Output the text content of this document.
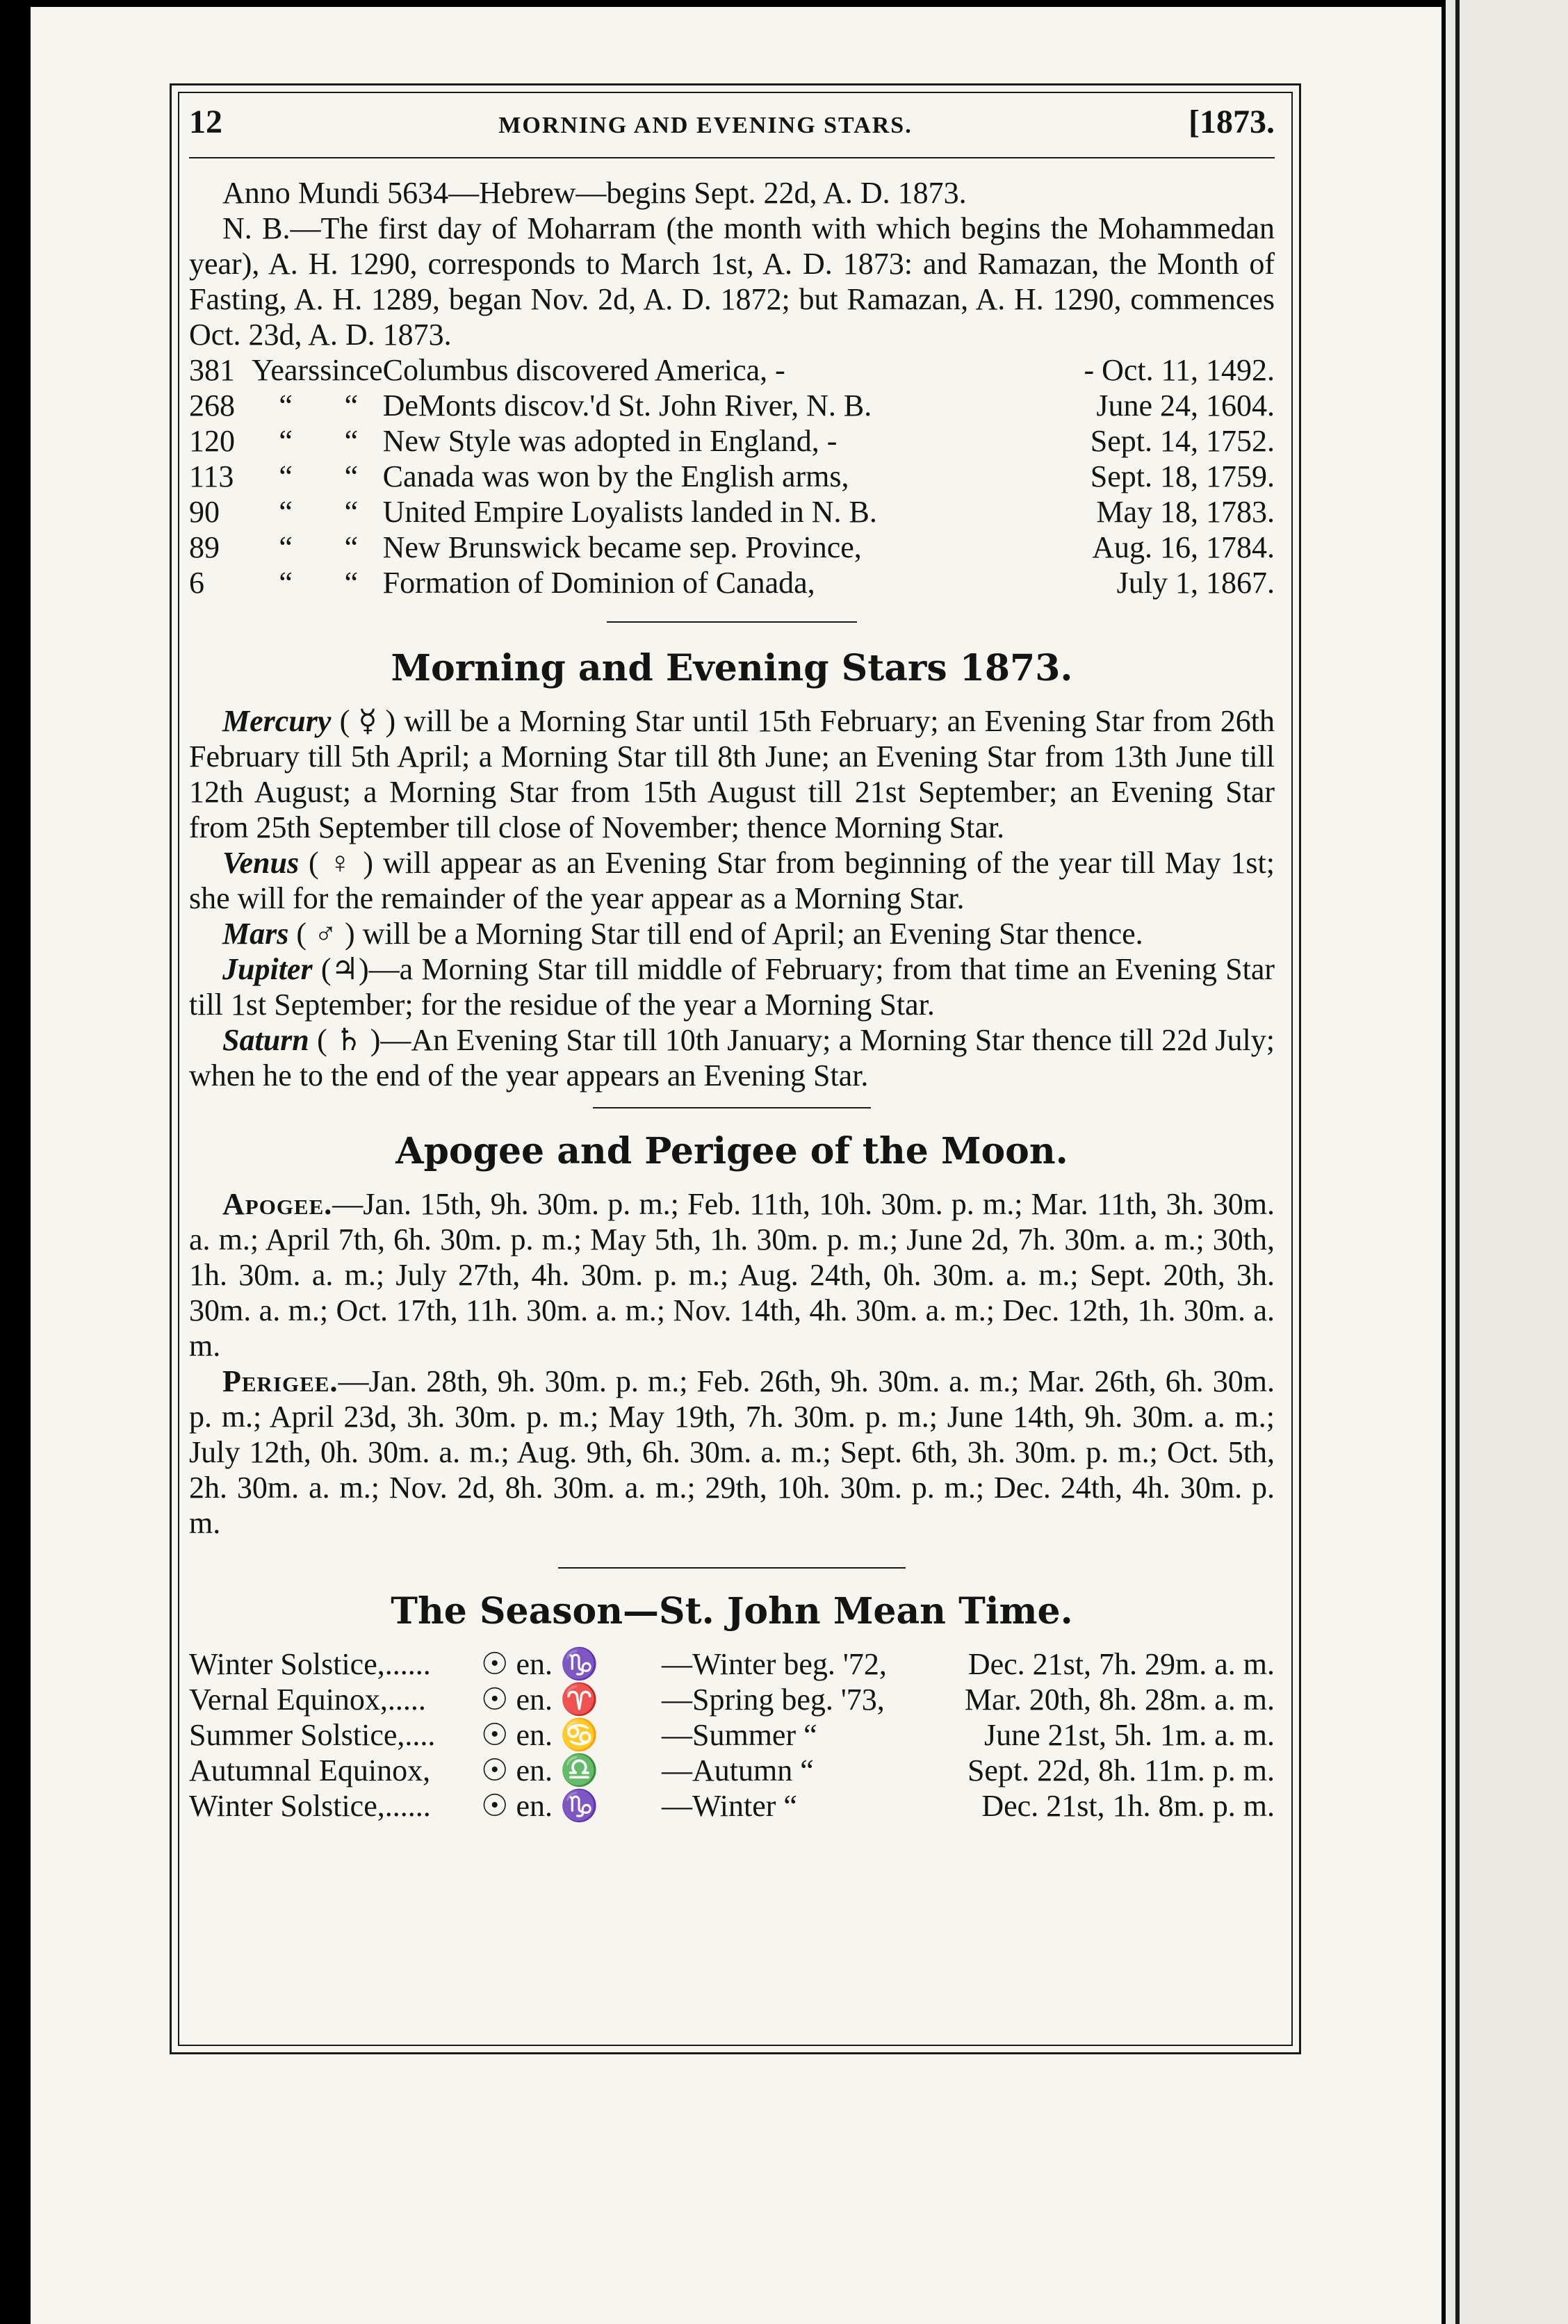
12	MORNING AND EVENING STARS.	[1873.

Anno Mundi 5634—Hebrew—begins Sept. 22d, A. D. 1873.

N. B.—The first day of Moharram (the month with which begins the Mohammedan year), A. H. 1290, corresponds to March 1st, A. D. 1873: and Ramazan, the Month of Fasting, A. H. 1289, began Nov. 2d, A. D. 1872; but Ramazan, A. H. 1290, commences Oct. 23d, A. D. 1873.

381	Years	since	Columbus discovered America, -	- Oct. 11, 1492.
268	“	“	DeMonts discov.'d St. John River, N. B.	June 24, 1604.
120	“	“	New Style was adopted in England, -	Sept. 14, 1752.
113	“	“	Canada was won by the English arms,	Sept. 18, 1759.
90	“	“	United Empire Loyalists landed in N. B.	May 18, 1783.
89	“	“	New Brunswick became sep. Province,	Aug. 16, 1784.
6	“	“	Formation of Dominion of Canada,	July 1, 1867.
Morning and Evening Stars 1873.

Mercury ( ☿ ) will be a Morning Star until 15th February; an Evening Star from 26th February till 5th April; a Morning Star till 8th June; an Evening Star from 13th June till 12th August; a Morning Star from 15th August till 21st September; an Evening Star from 25th September till close of November; thence Morning Star.

Venus ( ♀ ) will appear as an Evening Star from beginning of the year till May 1st; she will for the remainder of the year appear as a Morning Star.

Mars ( ♂ ) will be a Morning Star till end of April; an Evening Star thence.

Jupiter (♃)—a Morning Star till middle of February; from that time an Evening Star till 1st September; for the residue of the year a Morning Star.

Saturn ( ♄ )—An Evening Star till 10th January; a Morning Star thence till 22d July; when he to the end of the year appears an Evening Star.

Apogee and Perigee of the Moon.

Apogee.—Jan. 15th, 9h. 30m. p. m.; Feb. 11th, 10h. 30m. p. m.; Mar. 11th, 3h. 30m. a. m.; April 7th, 6h. 30m. p. m.; May 5th, 1h. 30m. p. m.; June 2d, 7h. 30m. a. m.; 30th, 1h. 30m. a. m.; July 27th, 4h. 30m. p. m.; Aug. 24th, 0h. 30m. a. m.; Sept. 20th, 3h. 30m. a. m.; Oct. 17th, 11h. 30m. a. m.; Nov. 14th, 4h. 30m. a. m.; Dec. 12th, 1h. 30m. a. m.

Perigee.—Jan. 28th, 9h. 30m. p. m.; Feb. 26th, 9h. 30m. a. m.; Mar. 26th, 6h. 30m. p. m.; April 23d, 3h. 30m. p. m.; May 19th, 7h. 30m. p. m.; June 14th, 9h. 30m. a. m.; July 12th, 0h. 30m. a. m.; Aug. 9th, 6h. 30m. a. m.; Sept. 6th, 3h. 30m. p. m.; Oct. 5th, 2h. 30m. a. m.; Nov. 2d, 8h. 30m. a. m.; 29th, 10h. 30m. p. m.; Dec. 24th, 4h. 30m. p. m.

The Season—St. John Mean Time.
Winter Solstice,......	☉ en. ♑	—Winter beg. '72,	Dec. 21st, 7h. 29m. a. m.
Vernal Equinox,.....	☉ en. ♈	—Spring beg. '73,	Mar. 20th, 8h. 28m. a. m.
Summer Solstice,....	☉ en. ♋	—Summer “	June 21st, 5h. 1m. a. m.
Autumnal Equinox,	☉ en. ♎	—Autumn “	Sept. 22d, 8h. 11m. p. m.
Winter Solstice,......	☉ en. ♑	—Winter “	Dec. 21st, 1h. 8m. p. m.
